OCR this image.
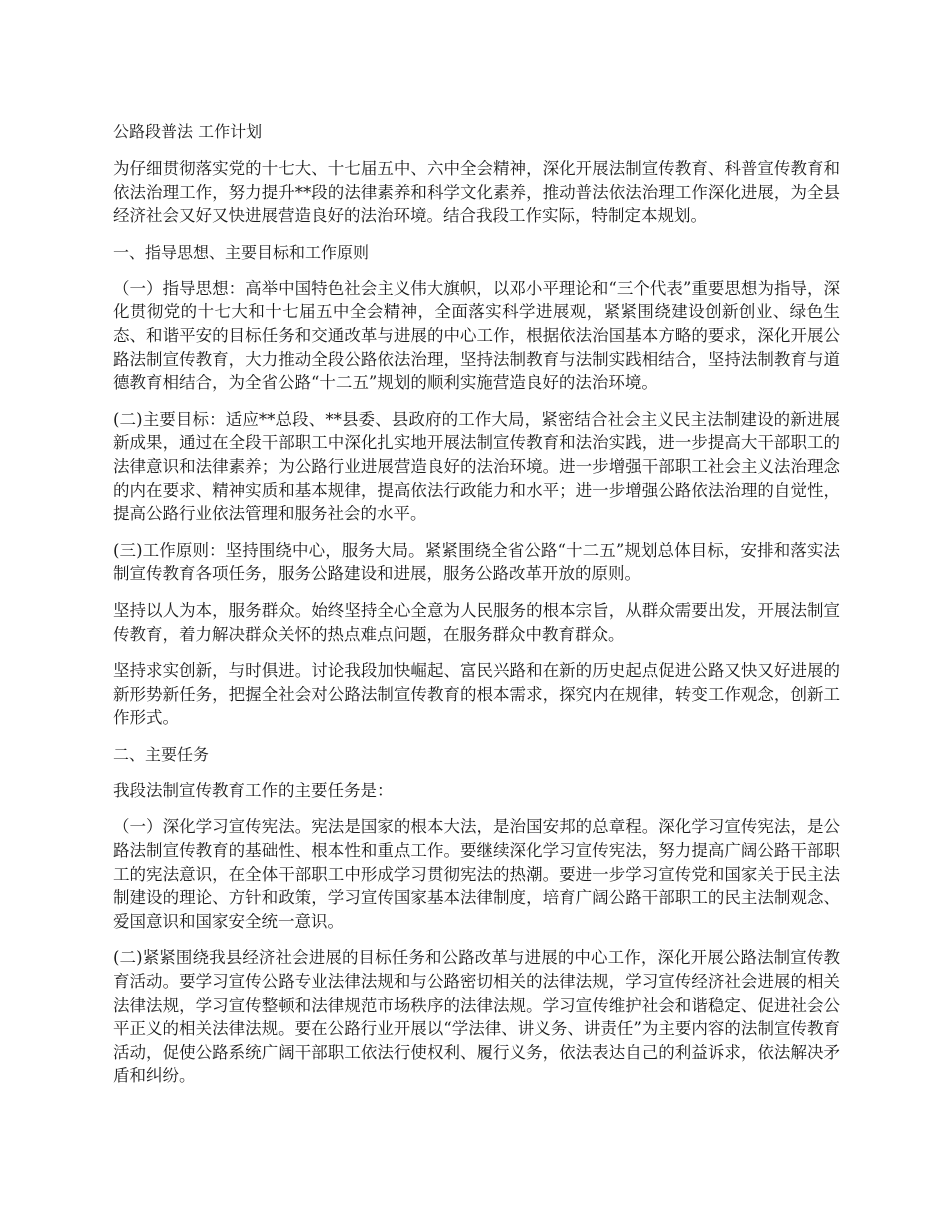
公路段普法 工作计划
为仔细贯彻落实党的十七大、十七届五中、六中全会精神，深化开展法制宣传教育、科普宣传教育和依法治理工作，努力提升**段的法律素养和科学文化素养，推动普法依法治理工作深化进展，为全县经济社会又好又快进展营造良好的法治环境。结合我段工作实际，特制定本规划。
一、指导思想、主要目标和工作原则
（一）指导思想：高举中国特色社会主义伟大旗帜，以邓小平理论和“三个代表”重要思想为指导，深化贯彻党的十七大和十七届五中全会精神，全面落实科学进展观，紧紧围绕建设创新创业、绿色生态、和谐平安的目标任务和交通改革与进展的中心工作，根据依法治国基本方略的要求，深化开展公路法制宣传教育，大力推动全段公路依法治理，坚持法制教育与法制实践相结合，坚持法制教育与道德教育相结合，为全省公路“十二五”规划的顺利实施营造良好的法治环境。
(二)主要目标：适应**总段、**县委、县政府的工作大局，紧密结合社会主义民主法制建设的新进展新成果，通过在全段干部职工中深化扎实地开展法制宣传教育和法治实践，进一步提高大干部职工的法律意识和法律素养；为公路行业进展营造良好的法治环境。进一步增强干部职工社会主义法治理念的内在要求、精神实质和基本规律，提高依法行政能力和水平；进一步增强公路依法治理的自觉性，提高公路行业依法管理和服务社会的水平。
(三)工作原则：坚持围绕中心，服务大局。紧紧围绕全省公路“十二五”规划总体目标，安排和落实法制宣传教育各项任务，服务公路建设和进展，服务公路改革开放的原则。
坚持以人为本，服务群众。始终坚持全心全意为人民服务的根本宗旨，从群众需要出发，开展法制宣传教育，着力解决群众关怀的热点难点问题，在服务群众中教育群众。
坚持求实创新，与时俱进。讨论我段加快崛起、富民兴路和在新的历史起点促进公路又快又好进展的新形势新任务，把握全社会对公路法制宣传教育的根本需求，探究内在规律，转变工作观念，创新工作形式。
二、主要任务
我段法制宣传教育工作的主要任务是：
（一）深化学习宣传宪法。宪法是国家的根本大法，是治国安邦的总章程。深化学习宣传宪法，是公路法制宣传教育的基础性、根本性和重点工作。要继续深化学习宣传宪法，努力提高广阔公路干部职工的宪法意识，在全体干部职工中形成学习贯彻宪法的热潮。要进一步学习宣传党和国家关于民主法制建设的理论、方针和政策，学习宣传国家基本法律制度，培育广阔公路干部职工的民主法制观念、爱国意识和国家安全统一意识。
(二)紧紧围绕我县经济社会进展的目标任务和公路改革与进展的中心工作，深化开展公路法制宣传教育活动。要学习宣传公路专业法律法规和与公路密切相关的法律法规，学习宣传经济社会进展的相关法律法规，学习宣传整顿和法律规范市场秩序的法律法规。学习宣传维护社会和谐稳定、促进社会公平正义的相关法律法规。要在公路行业开展以“学法律、讲义务、讲责任”为主要内容的法制宣传教育活动，促使公路系统广阔干部职工依法行使权利、履行义务，依法表达自己的利益诉求，依法解决矛盾和纠纷。
